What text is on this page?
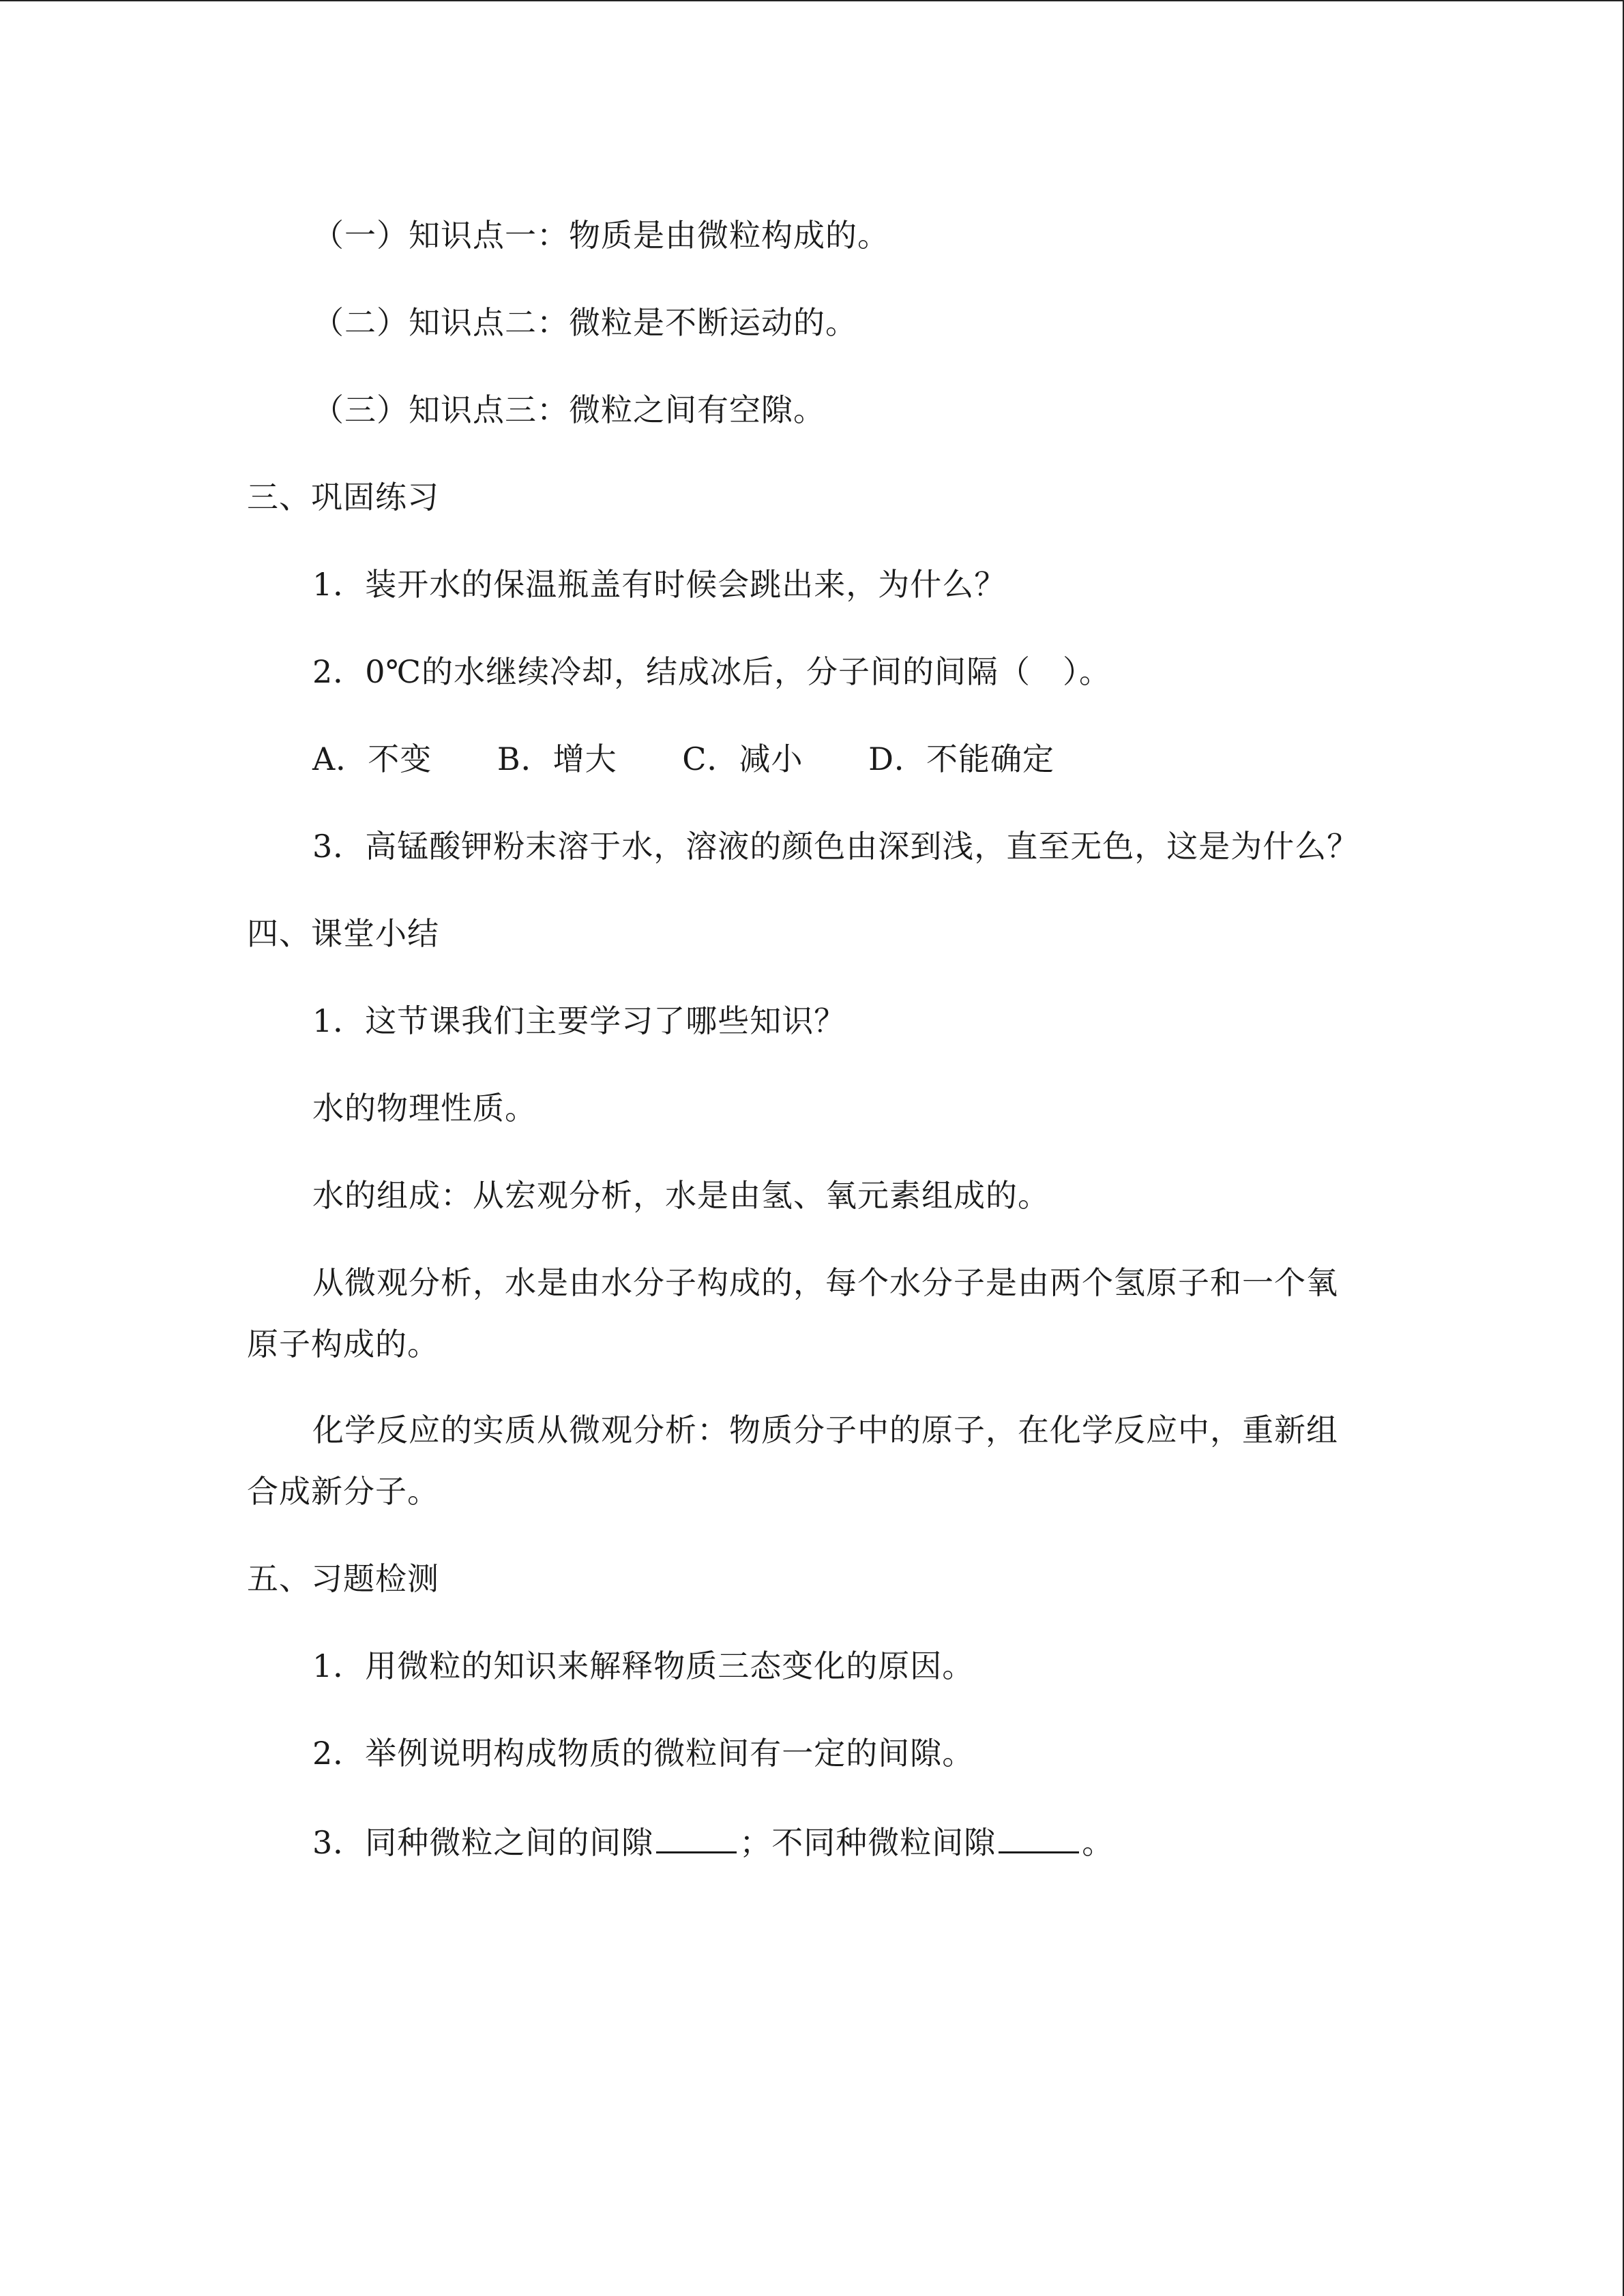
（一）知识点一：物质是由微粒构成的。
（二）知识点二：微粒是不断运动的。
（三）知识点三：微粒之间有空隙。
三、巩固练习
1．装开水的保温瓶盖有时候会跳出来，为什么？
2．0℃的水继续冷却，结成冰后，分子间的间隔（　）。
A．不变 B．增大 C．减小 D．不能确定
3．高锰酸钾粉末溶于水，溶液的颜色由深到浅，直至无色，这是为什么？
四、课堂小结
1．这节课我们主要学习了哪些知识？
水的物理性质。
水的组成：从宏观分析，水是由氢、氧元素组成的。
从微观分析，水是由水分子构成的，每个水分子是由两个氢原子和一个氧
原子构成的。
化学反应的实质从微观分析：物质分子中的原子，在化学反应中，重新组
合成新分子。
五、习题检测
1．用微粒的知识来解释物质三态变化的原因。
2．举例说明构成物质的微粒间有一定的间隙。
3．同种微粒之间的间隙	；不同种微粒间隙	。
